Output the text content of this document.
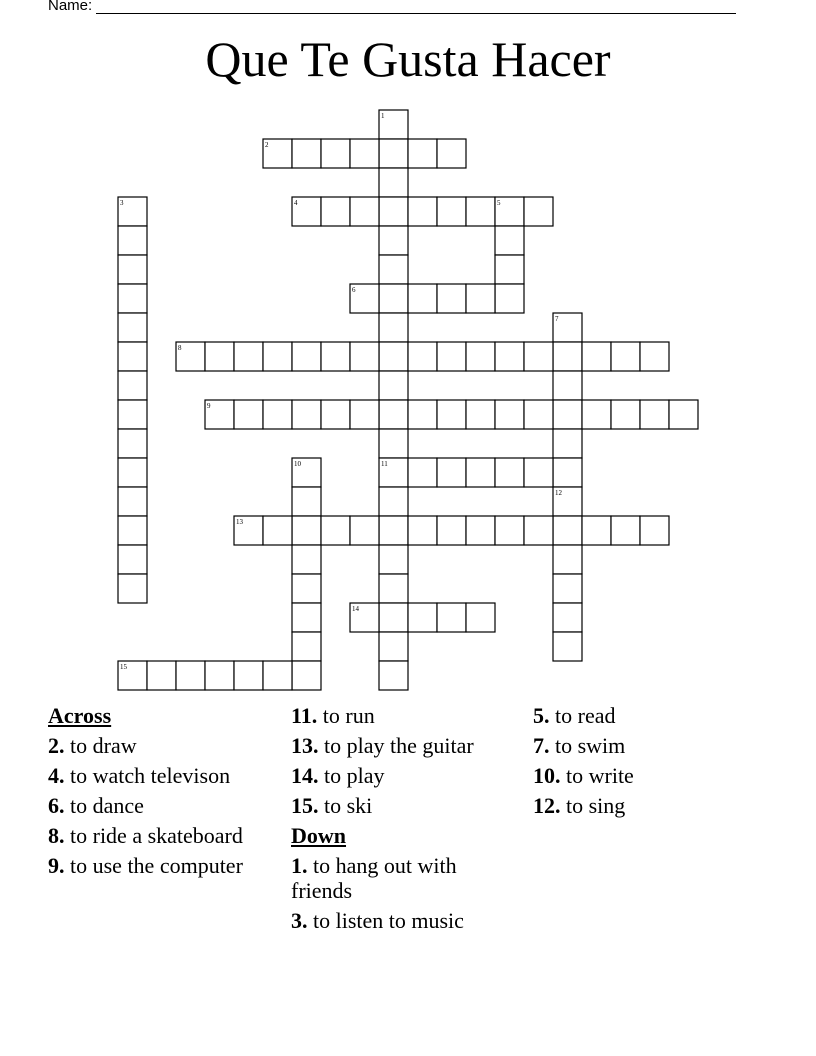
Name:
Que Te Gusta Hacer
1
2
3	4	5
6
7
8
9
10	11
12
13
14
15
Across
2. to draw
4. to watch televison
6. to dance
8. to ride a skateboard
9. to use the computer
11. to run
13. to play the guitar
14. to play
15. to ski
Down
1. to hang out with friends
3. to listen to music
5. to read
7. to swim
10. to write
12. to sing
